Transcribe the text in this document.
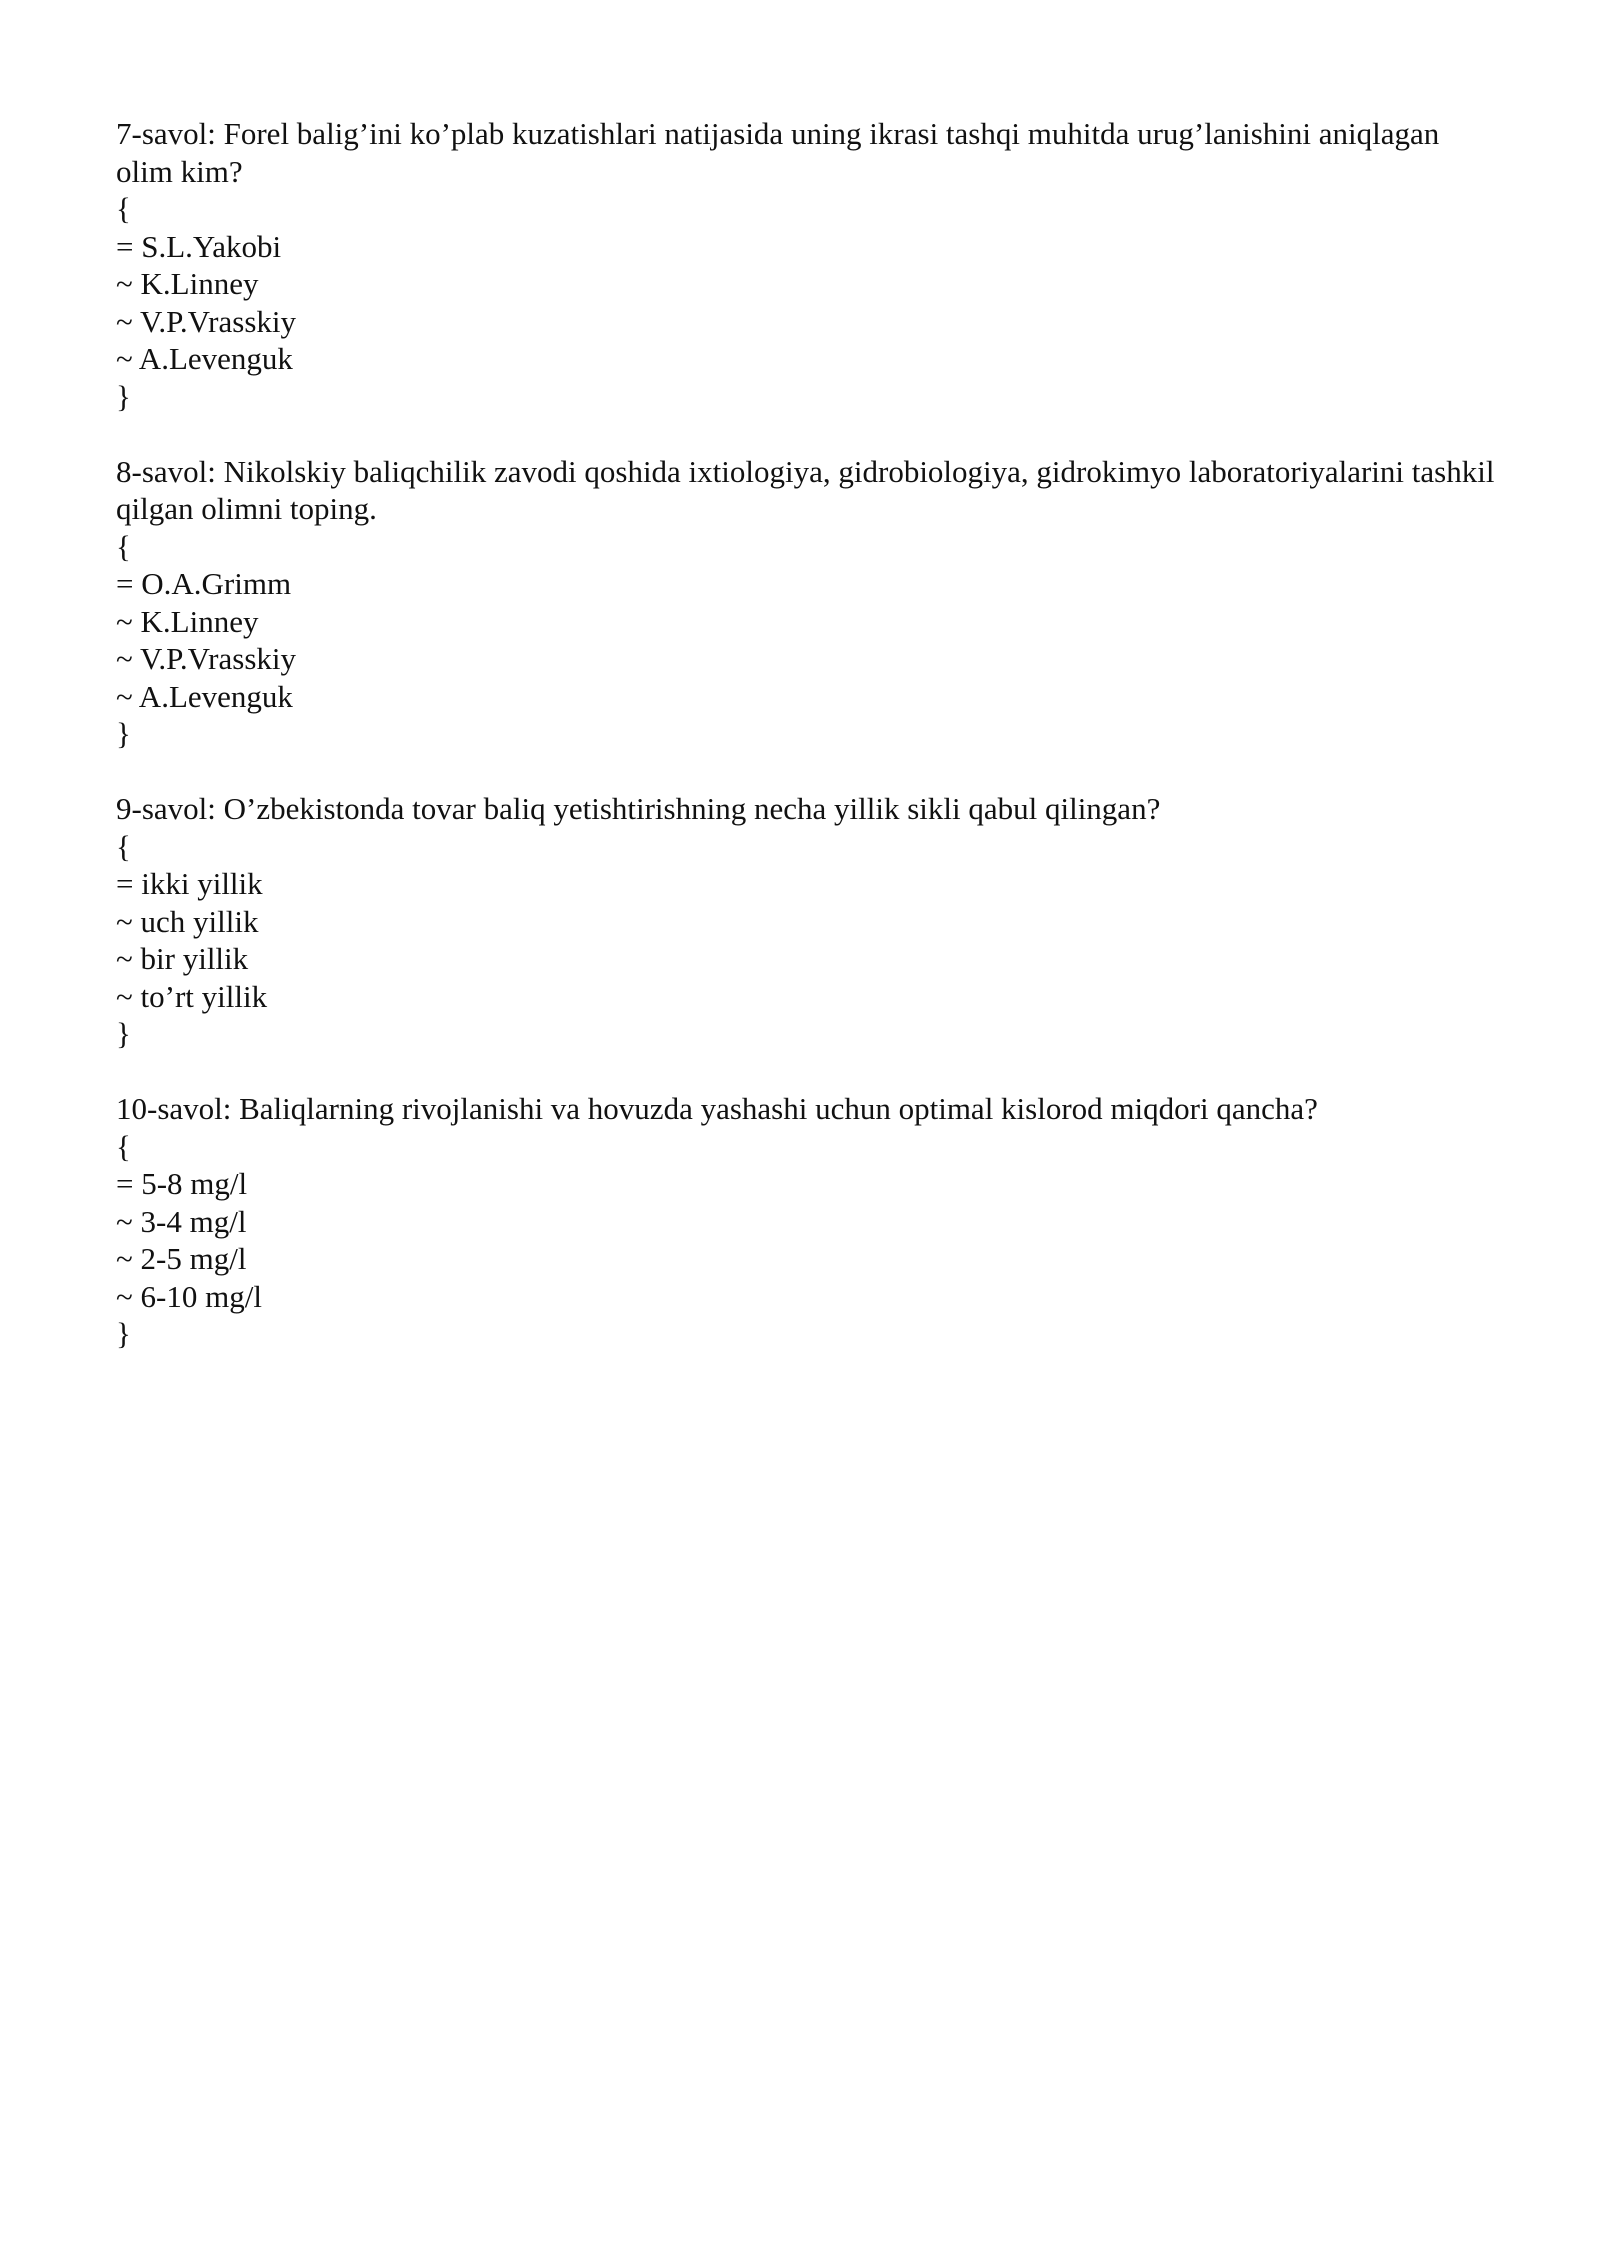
7-savol: Forel balig’ini ko’plab kuzatishlari natijasida uning ikrasi tashqi muhitda urug’lanishini aniqlagan olim kim?
{
= S.L.Yakobi
~ K.Linney
~ V.P.Vrasskiy
~ A.Levenguk
}
8-savol: Nikolskiy baliqchilik zavodi qoshida ixtiologiya, gidrobiologiya, gidrokimyo laboratoriyalarini tashkil qilgan olimni toping.
{
= O.A.Grimm
~ K.Linney
~ V.P.Vrasskiy
~ A.Levenguk
}
9-savol: O’zbekistonda tovar baliq yetishtirishning necha yillik sikli qabul qilingan?
{
= ikki yillik
~ uch yillik
~ bir yillik
~ to’rt yillik
}
10-savol: Baliqlarning rivojlanishi va hovuzda yashashi uchun optimal kislorod miqdori qancha?
{
= 5-8 mg/l
~ 3-4 mg/l
~ 2-5 mg/l
~ 6-10 mg/l
}
